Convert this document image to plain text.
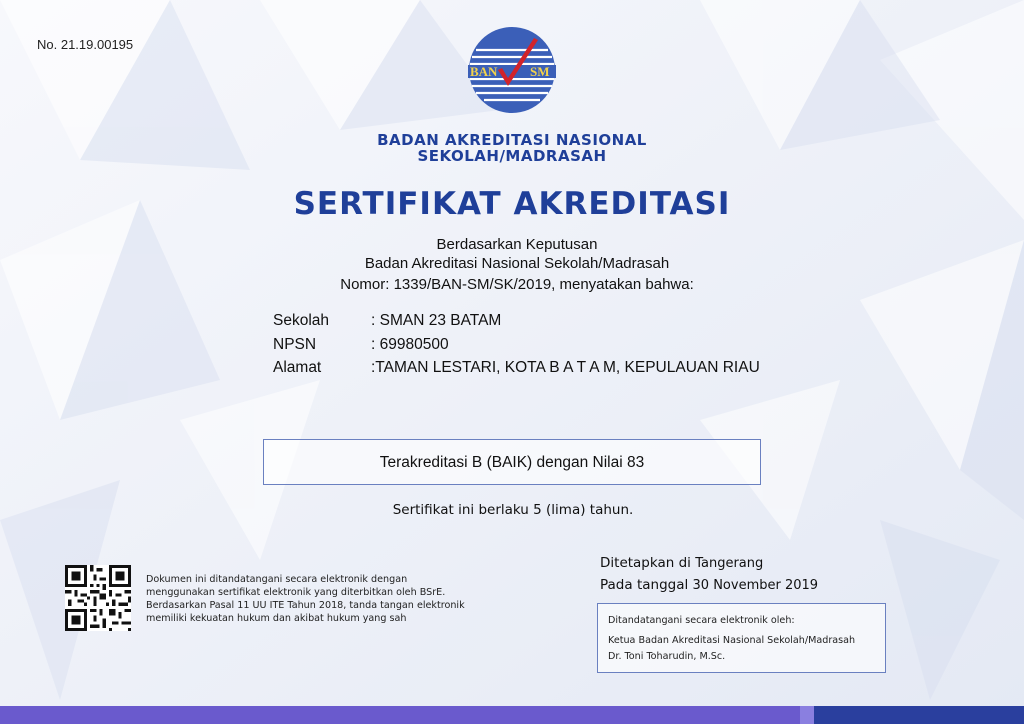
No. 21.19.00195
BAN	SM
BADAN AKREDITASI NASIONAL
SEKOLAH/MADRASAH
SERTIFIKAT AKREDITASI
Berdasarkan Keputusan
Badan Akreditasi Nasional Sekolah/Madrasah
Nomor: 1339/BAN-SM/SK/2019, menyatakan bahwa:
Sekolah	: SMAN 23 BATAM
NPSN	: 69980500
Alamat	:TAMAN LESTARI, KOTA B A T A M, KEPULAUAN RIAU
Terakreditasi B (BAIK) dengan Nilai 83
Sertifikat ini berlaku 5 (lima) tahun.
Dokumen ini ditandatangani secara elektronik dengan
menggunakan sertifikat elektronik yang diterbitkan oleh BSrE.
Berdasarkan Pasal 11 UU ITE Tahun 2018, tanda tangan elektronik
memiliki kekuatan hukum dan akibat hukum yang sah
Ditetapkan di Tangerang
Pada tanggal 30 November 2019
Ditandatangani secara elektronik oleh:
Ketua Badan Akreditasi Nasional Sekolah/Madrasah
Dr. Toni Toharudin, M.Sc.
